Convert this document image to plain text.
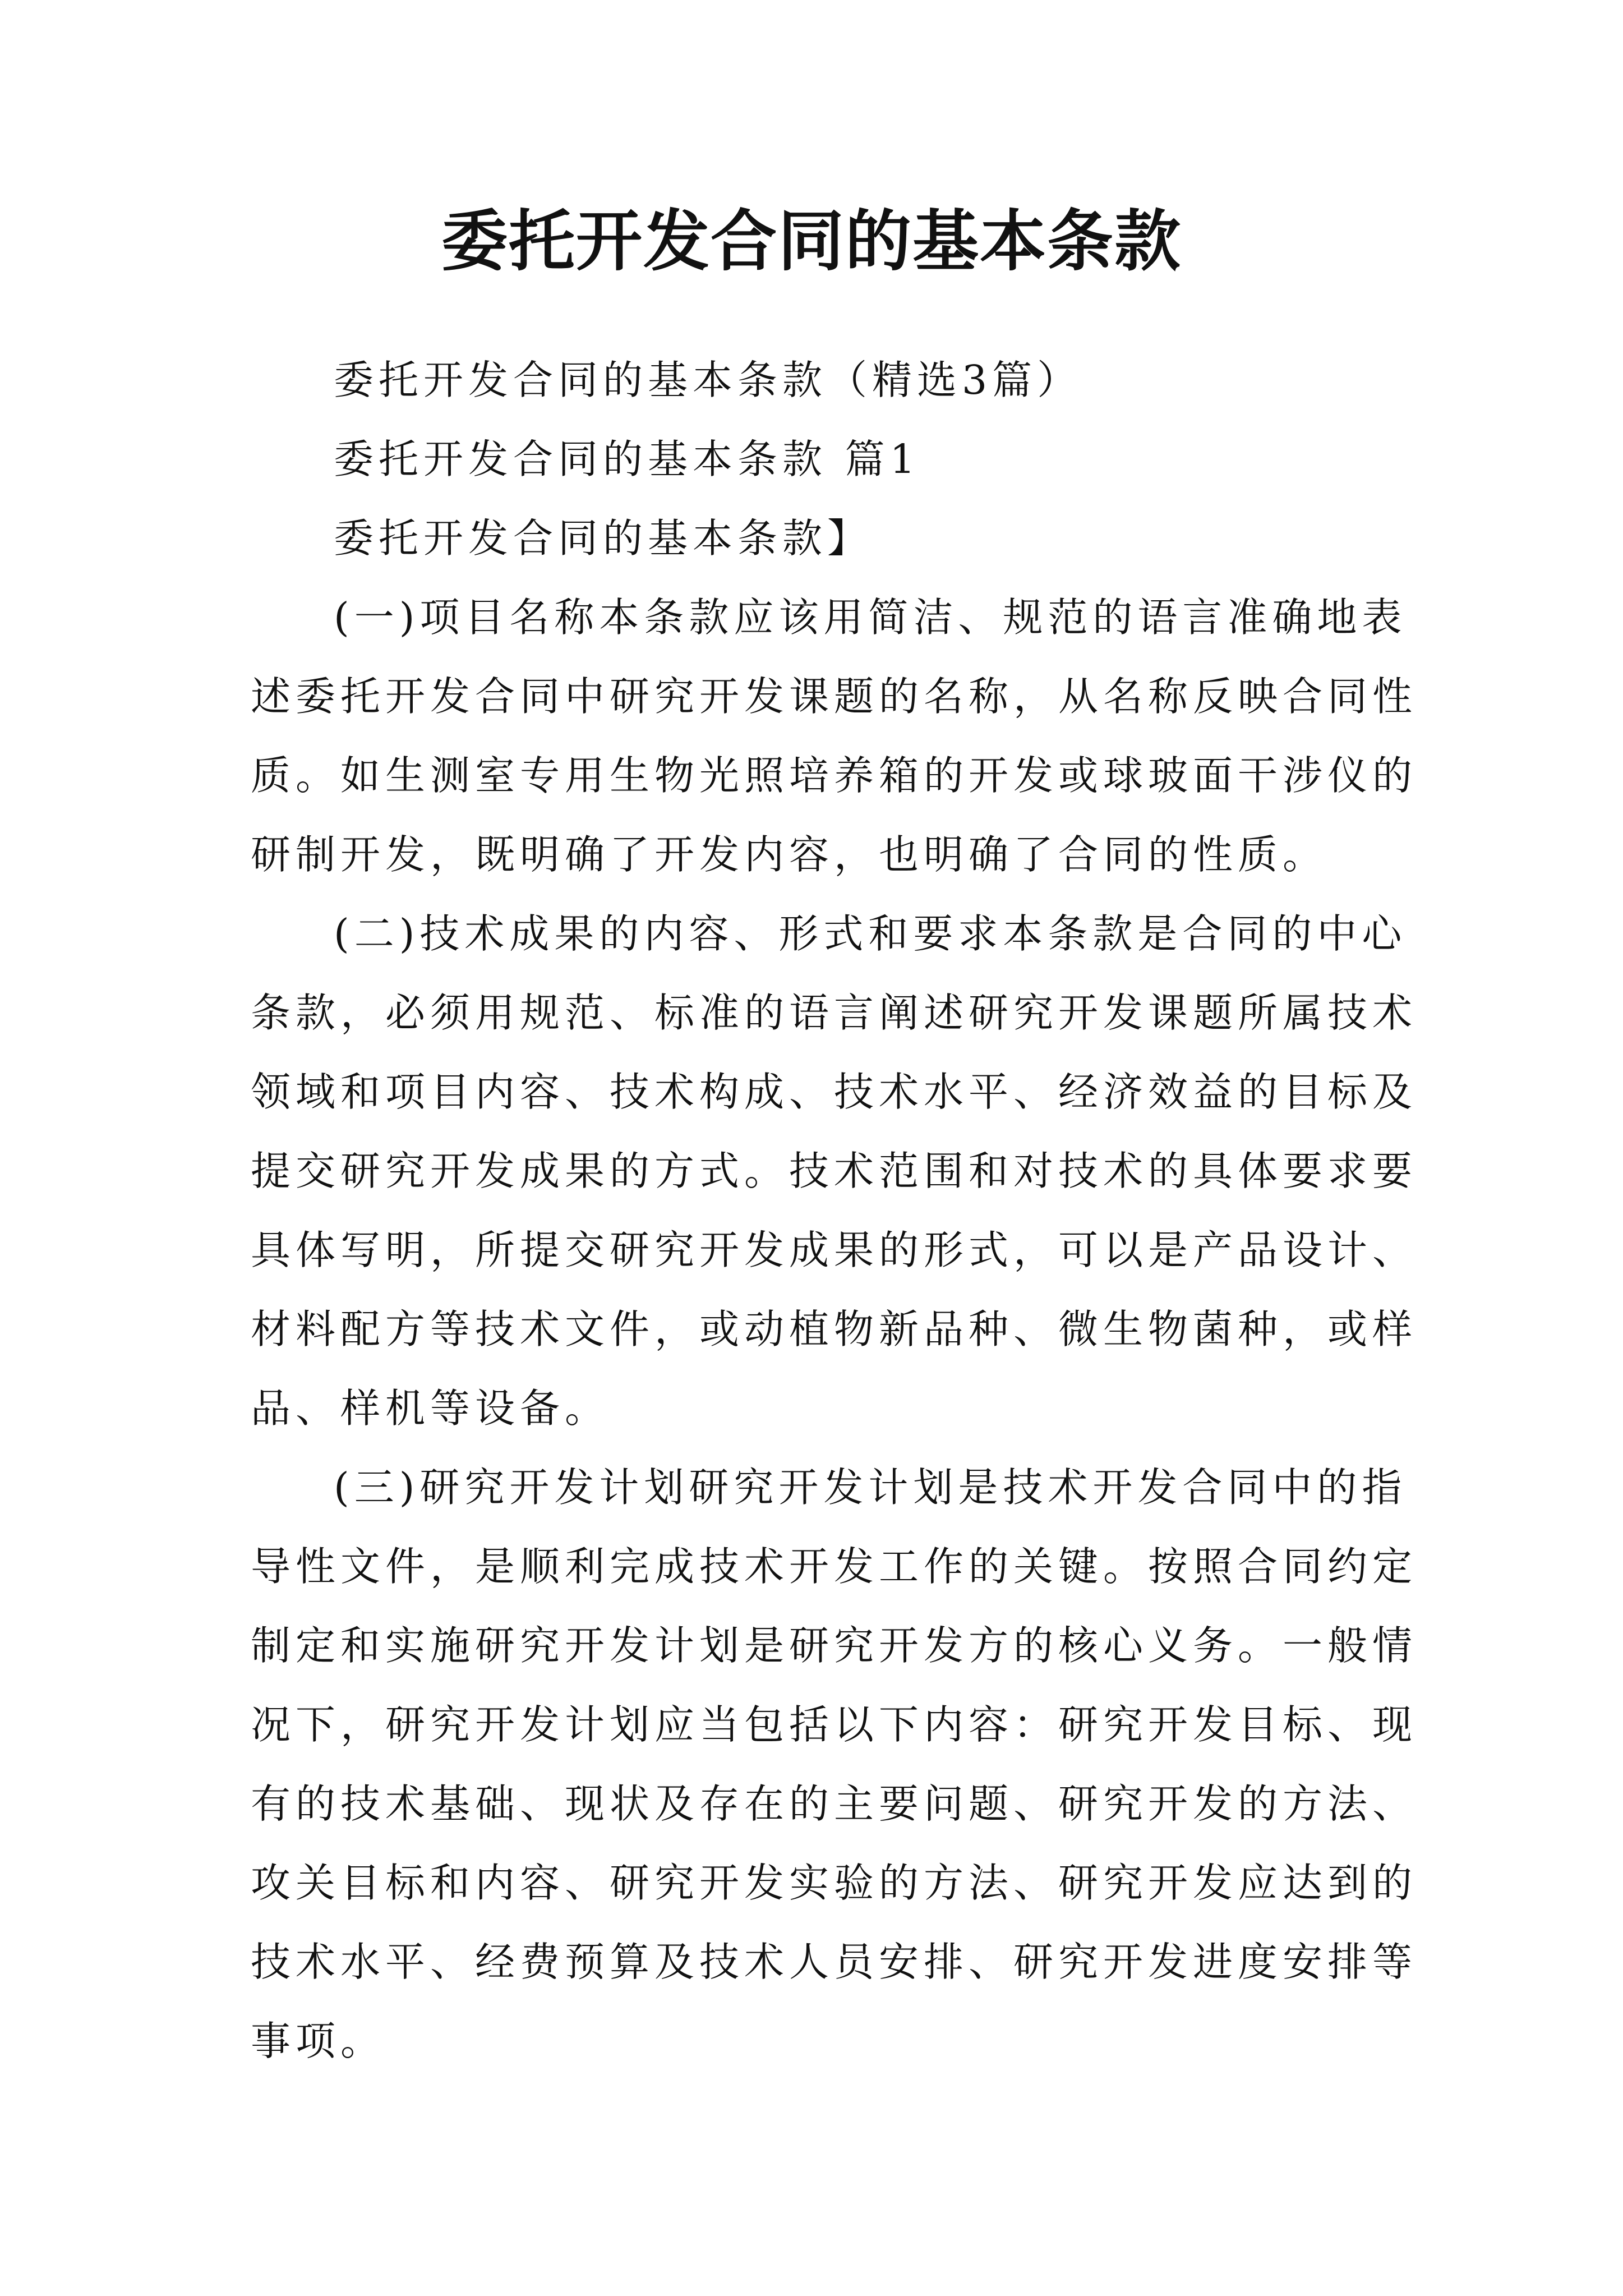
委托开发合同的基本条款
委托开发合同的基本条款（精选3篇）
委托开发合同的基本条款 篇1
委托开发合同的基本条款】
(一)项目名称本条款应该用简洁、规范的语言准确地表
述委托开发合同中研究开发课题的名称，从名称反映合同性
质。如生测室专用生物光照培养箱的开发或球玻面干涉仪的
研制开发，既明确了开发内容，也明确了合同的性质。
(二)技术成果的内容、形式和要求本条款是合同的中心
条款，必须用规范、标准的语言阐述研究开发课题所属技术
领域和项目内容、技术构成、技术水平、经济效益的目标及
提交研究开发成果的方式。技术范围和对技术的具体要求要
具体写明，所提交研究开发成果的形式，可以是产品设计、
材料配方等技术文件，或动植物新品种、微生物菌种，或样
品、样机等设备。
(三)研究开发计划研究开发计划是技术开发合同中的指
导性文件，是顺利完成技术开发工作的关键。按照合同约定
制定和实施研究开发计划是研究开发方的核心义务。一般情
况下，研究开发计划应当包括以下内容：研究开发目标、现
有的技术基础、现状及存在的主要问题、研究开发的方法、
攻关目标和内容、研究开发实验的方法、研究开发应达到的
技术水平、经费预算及技术人员安排、研究开发进度安排等
事项。
